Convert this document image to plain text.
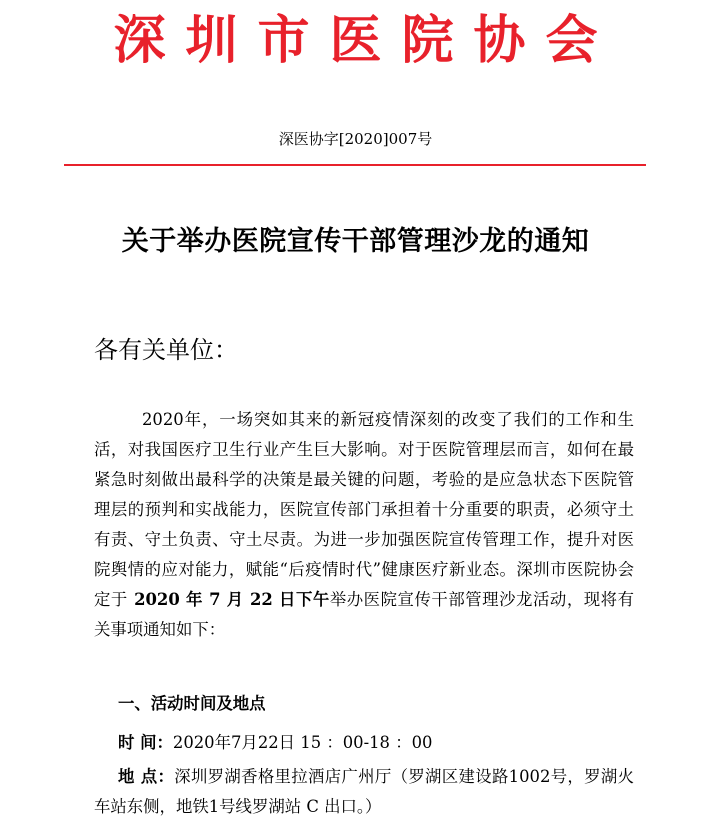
深圳市医院协会
深医协字[2020]007号
关于举办医院宣传干部管理沙龙的通知
各有关单位：
2020年，一场突如其来的新冠疫情深刻的改变了我们的工作和生活，对我国医疗卫生行业产生巨大影响。对于医院管理层而言，如何在最紧急时刻做出最科学的决策是最关键的问题，考验的是应急状态下医院管理层的预判和实战能力，医院宣传部门承担着十分重要的职责，必须守土有责、守土负责、守土尽责。为进一步加强医院宣传管理工作，提升对医院舆情的应对能力，赋能“后疫情时代”健康医疗新业态。深圳市医院协会定于 2020 年 7 月 22 日下午举办医院宣传干部管理沙龙活动，现将有关事项通知如下：
一、活动时间及地点
时 间：2020年7月22日 15 ：00-18 ：00
地 点：深圳罗湖香格里拉酒店广州厅（罗湖区建设路1002号，罗湖火车站东侧，地铁1号线罗湖站 C 出口。）
